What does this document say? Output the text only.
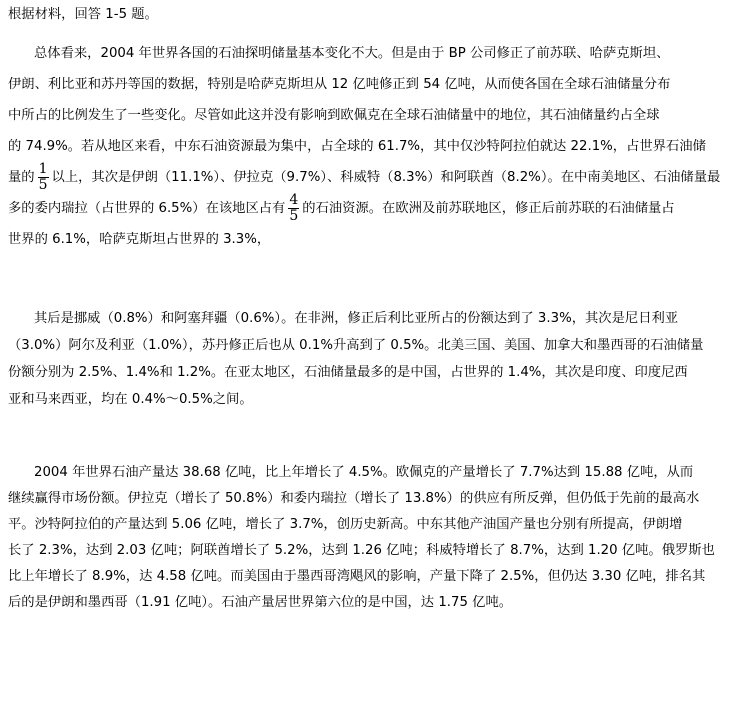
根据材料，回答 1-5 题。
总体看来，2004 年世界各国的石油探明储量基本变化不大。但是由于 BP 公司修正了前苏联、哈萨克斯坦、
伊朗、利比亚和苏丹等国的数据，特别是哈萨克斯坦从 12 亿吨修正到 54 亿吨，从而使各国在全球石油储量分布
中所占的比例发生了一些变化。尽管如此这并没有影响到欧佩克在全球石油储量中的地位，其石油储量约占全球
的 74.9%。若从地区来看，中东石油资源最为集中，占全球的 61.7%，其中仅沙特阿拉伯就达 22.1%，占世界石油储
量的 $\frac{1}{5}$ 以上，其次是伊朗（11.1%）、伊拉克（9.7%）、科威特（8.3%）和阿联酋（8.2%）。在中南美地区、石油储量最
多的委内瑞拉（占世界的 6.5%）在该地区占有 $\frac{4}{5}$ 的石油资源。在欧洲及前苏联地区，修正后前苏联的石油储量占
世界的 6.1%，哈萨克斯坦占世界的 3.3%，
其后是挪威（0.8%）和阿塞拜疆（0.6%）。在非洲，修正后利比亚所占的份额达到了 3.3%，其次是尼日利亚
（3.0%）阿尔及利亚（1.0%），苏丹修正后也从 0.1%升高到了 0.5%。北美三国、美国、加拿大和墨西哥的石油储量
份额分别为 2.5%、1.4%和 1.2%。在亚太地区，石油储量最多的是中国，占世界的 1.4%，其次是印度、印度尼西
亚和马来西亚，均在 0.4%～0.5%之间。
2004 年世界石油产量达 38.68 亿吨，比上年增长了 4.5%。欧佩克的产量增长了 7.7%达到 15.88 亿吨，从而
继续赢得市场份额。伊拉克（增长了 50.8%）和委内瑞拉（增长了 13.8%）的供应有所反弹，但仍低于先前的最高水
平。沙特阿拉伯的产量达到 5.06 亿吨，增长了 3.7%，创历史新高。中东其他产油国产量也分别有所提高，伊朗增
长了 2.3%，达到 2.03 亿吨；阿联酋增长了 5.2%，达到 1.26 亿吨；科威特增长了 8.7%，达到 1.20 亿吨。俄罗斯也
比上年增长了 8.9%，达 4.58 亿吨。而美国由于墨西哥湾飓风的影响，产量下降了 2.5%，但仍达 3.30 亿吨，排名其
后的是伊朗和墨西哥（1.91 亿吨）。石油产量居世界第六位的是中国，达 1.75 亿吨。
